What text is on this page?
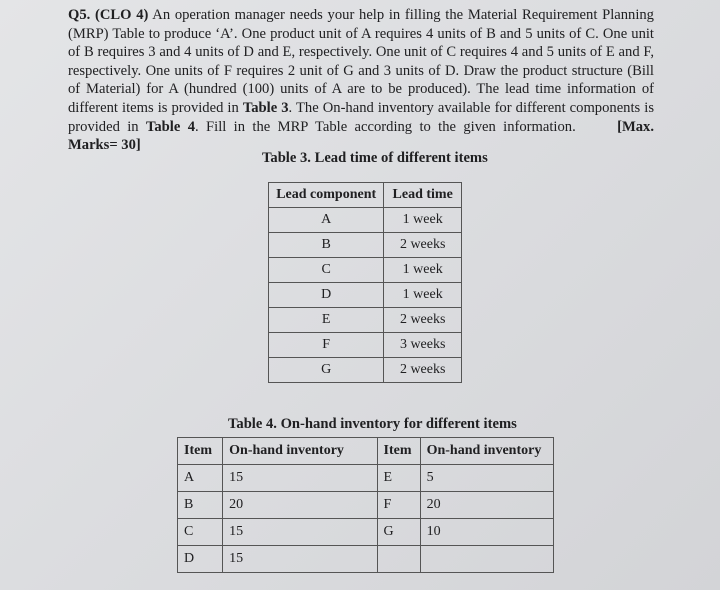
Q5. (CLO 4) An operation manager needs your help in filling the Material Requirement Planning (MRP) Table to produce ‘A’. One product unit of A requires 4 units of B and 5 units of C. One unit of B requires 3 and 4 units of D and E, respectively. One unit of C requires 4 and 5 units of E and F, respectively. One units of F requires 2 unit of G and 3 units of D. Draw the product structure (Bill of Material) for A (hundred (100) units of A are to be produced). The lead time information of different items is provided in Table 3. The On-hand inventory available for different components is provided in Table 4. Fill in the MRP Table according to the given information.	[Max. Marks= 30]
Table 3. Lead time of different items
Lead component	Lead time
A	1 week
B	2 weeks
C	1 week
D	1 week
E	2 weeks
F	3 weeks
G	2 weeks
Table 4. On-hand inventory for different items
Item	On-hand inventory	Item	On-hand inventory
A	15	E	5
B	20	F	20
C	15	G	10
D	15		
